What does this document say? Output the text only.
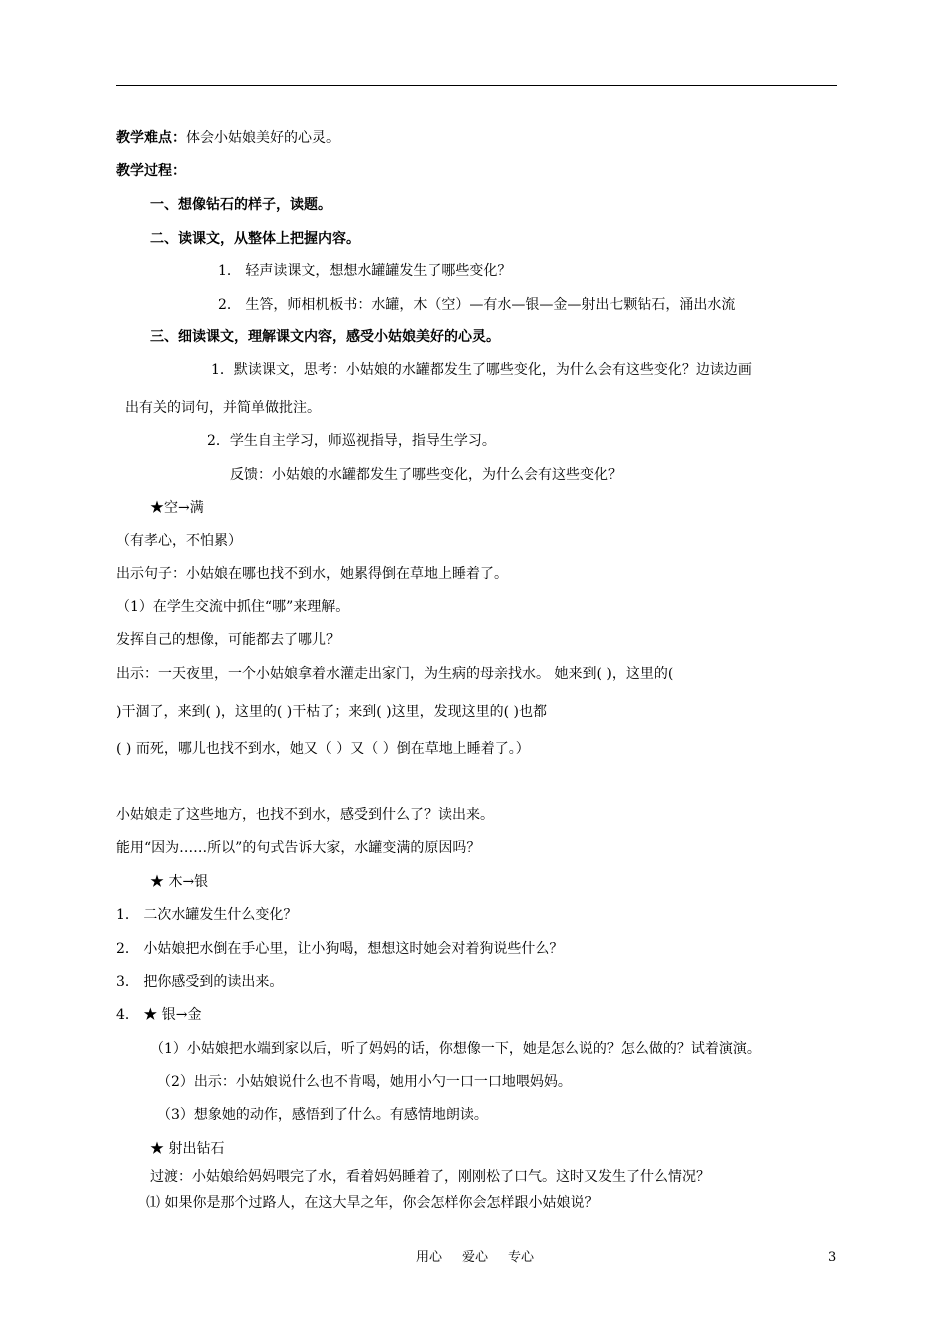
教学难点：体会小姑娘美好的心灵。
教学过程：
一、想像钻石的样子，读题。
二、读课文，从整体上把握内容。
1． 轻声读课文，想想水罐罐发生了哪些变化？
2． 生答，师相机板书：水罐，木（空）—有水—银—金—射出七颗钻石，涌出水流
三、细读课文，理解课文内容，感受小姑娘美好的心灵。
1．默读课文，思考：小姑娘的水罐都发生了哪些变化，为什么会有这些变化？边读边画
出有关的词句，并简单做批注。
2．学生自主学习，师巡视指导，指导生学习。
反馈：小姑娘的水罐都发生了哪些变化，为什么会有这些变化？
★空→满
（有孝心，不怕累）
出示句子：小姑娘在哪也找不到水，她累得倒在草地上睡着了。
（1）在学生交流中抓住“哪”来理解。
发挥自己的想像，可能都去了哪儿？
出示：一天夜里，一个小姑娘拿着水灌走出家门，为生病的母亲找水。 她来到( )，这里的(
)干涸了，来到( )，这里的( )干枯了；来到( )这里，发现这里的( )也都
( ) 而死，哪儿也找不到水，她又（ ）又（ ）倒在草地上睡着了。）
小姑娘走了这些地方，也找不到水，感受到什么了？读出来。
能用“因为……所以”的句式告诉大家，水罐变满的原因吗？
★ 木→银
1． 二次水罐发生什么变化？
2． 小姑娘把水倒在手心里，让小狗喝，想想这时她会对着狗说些什么？
3． 把你感受到的读出来。
4． ★ 银→金
（1）小姑娘把水端到家以后，听了妈妈的话，你想像一下，她是怎么说的？怎么做的？试着演演。
（2）出示：小姑娘说什么也不肯喝，她用小勺一口一口地喂妈妈。
（3）想象她的动作，感悟到了什么。有感情地朗读。
★ 射出钻石
过渡：小姑娘给妈妈喂完了水，看着妈妈睡着了，刚刚松了口气。这时又发生了什么情况？
⑴ 如果你是那个过路人，在这大旱之年，你会怎样你会怎样跟小姑娘说？
用心 爱心 专心	3
